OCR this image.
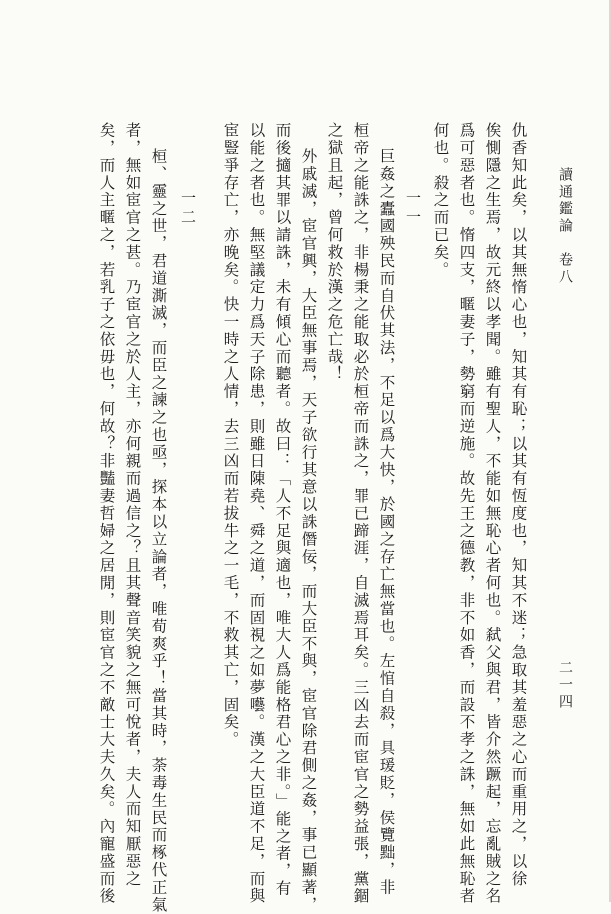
讀通鑑論　卷八
二一四
仇香知此矣，以其無惰心也，知其有恥；以其有恆度也，知其不迷；急取其羞惡之心而重用之，以徐
俟惻隱之生焉，故元終以孝聞。雖有聖人，不能如無恥心者何也。弑父與君，皆介然蹶起，忘亂賊之名
爲可惡者也。惰四支，暱妻子，勢窮而逆施。故先王之德教，非不如香，而設不孝之誅，無如此無恥者
何也。殺之而已矣。
一一
巨姦之蠹國殃民而自伏其法，不足以爲大快，於國之存亡無當也。左悺自殺，具瑗貶，侯覽黜，非
桓帝之能誅之，非楊秉之能取必於桓帝而誅之，罪已蹄涯，自滅焉耳矣。三凶去而宦官之勢益張，黨錮
之獄且起，曾何救於漢之危亡哉！
外戚滅，宦官興，大臣無事焉，天子欲行其意以誅僭佞，而大臣不與，宦官除君側之姦，事已顯著，
而後擿其罪以請誅，未有傾心而聽者。故曰：「人不足與適也，唯大人爲能格君心之非。」能之者，有
以能之者也。無堅議定力爲天子除患，則雖日陳堯、舜之道，而固視之如夢囈。漢之大臣道不足，而與
宦豎爭存亡，亦晚矣。快一時之人情，去三凶而若拔牛之一毛，不救其亡，固矣。
一二
桓、靈之世，君道澌滅，而臣之諫之也亟，探本以立論者，唯荀爽乎！當其時，荼毒生民而椓代正氣
者，無如宦官之甚。乃宦官之於人主，亦何親而過信之？且其聲音笑貌之無可悅者，夫人而知厭惡之
矣，而人主暱之，若乳子之依毋也，何故？非豔妻哲婦之居閒，則宦官之不敵士大夫久矣。內寵盛而後
